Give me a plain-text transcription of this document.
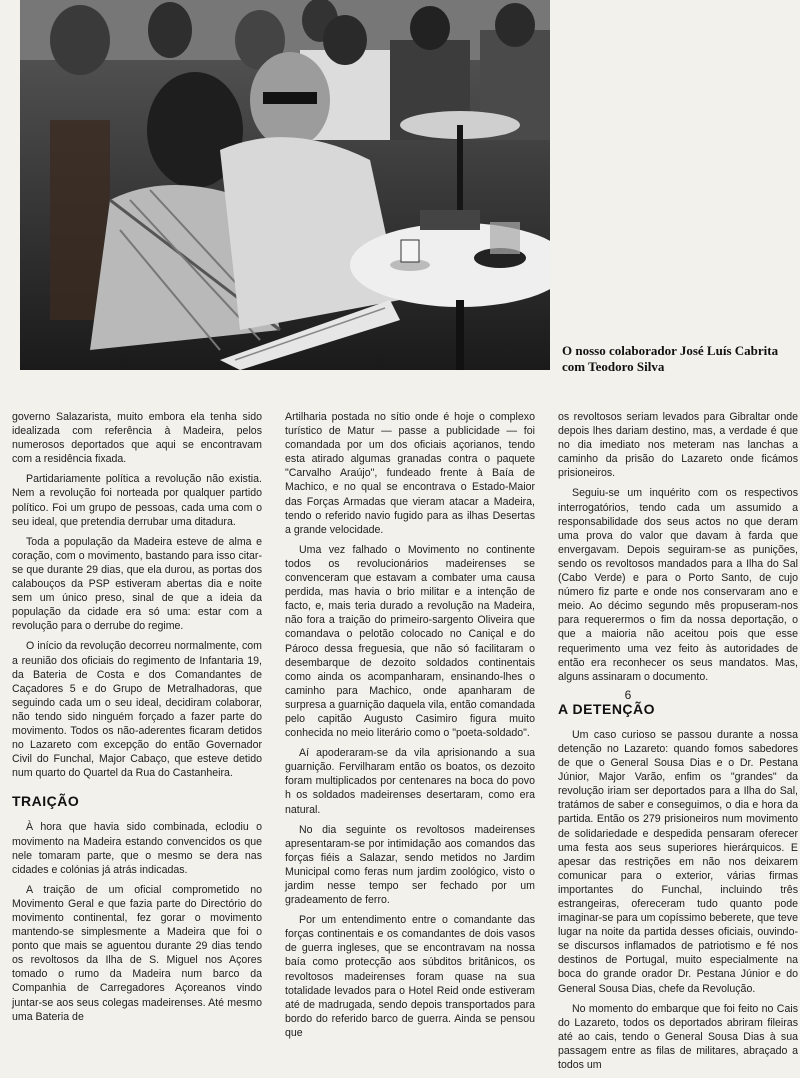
O nosso colaborador José Luís Cabrita com Teodoro Silva

governo Salazarista, muito embora ela tenha sido idealizada com referência à Madeira, pelos numerosos deportados que aqui se encontravam com a residência fixada.

Partidariamente política a revolução não existia. Nem a revolução foi norteada por qualquer partido político. Foi um grupo de pessoas, cada uma com o seu ideal, que pretendia derrubar uma ditadura.

Toda a população da Madeira esteve de alma e coração, com o movimento, bastando para isso citar-se que durante 29 dias, que ela durou, as portas dos calabouços da PSP estiveram abertas dia e noite sem um único preso, sinal de que a ideia da população da cidade era só uma: estar com a revolução para o derrube do regime.

O início da revolução decorreu normalmente, com a reunião dos oficiais do regimento de Infantaria 19, da Bateria de Costa e dos Comandantes de Caçadores 5 e do Grupo de Metralhadoras, que seguindo cada um o seu ideal, decidiram colaborar, não tendo sido ninguém forçado a fazer parte do movimento. Todos os não-aderentes ficaram detidos no Lazareto com excepção do então Governador Civil do Funchal, Major Cabaço, que esteve detido num quarto do Quartel da Rua do Castanheira.

TRAIÇÃO

À hora que havia sido combinada, eclodiu o movimento na Madeira estando convencidos os que nele tomaram parte, que o mesmo se dera nas cidades e colónias já atrás indicadas.

A traição de um oficial comprometido no Movimento Geral e que fazia parte do Directório do movimento continental, fez gorar o movimento mantendo-se simplesmente a Madeira que foi o ponto que mais se aguentou durante 29 dias tendo os revoltosos da Ilha de S. Miguel nos Açores tomado o rumo da Madeira num barco da Companhia de Carregadores Açoreanos vindo juntar-se aos seus colegas madeirenses. Até mesmo uma Bateria de

Artilharia postada no sítio onde é hoje o complexo turístico de Matur — passe a publicidade — foi comandada por um dos oficiais açorianos, tendo esta atirado algumas granadas contra o paquete "Carvalho Araújo", fundeado frente à Baía de Machico, e no qual se encontrava o Estado-Maior das Forças Armadas que vieram atacar a Madeira, tendo o referido navio fugido para as ilhas Desertas a grande velocidade.

Uma vez falhado o Movimento no continente todos os revolucionários madeirenses se convenceram que estavam a combater uma causa perdida, mas havia o brio militar e a intenção de facto, e, mais teria durado a revolução na Madeira, não fora a traição do primeiro-sargento Oliveira que comandava o pelotão colocado no Caniçal e do Pároco dessa freguesia, que não só facilitaram o desembarque de dezoito soldados continentais como ainda os acompanharam, ensinando-lhes o caminho para Machico, onde apanharam de surpresa a guarnição daquela vila, então comandada pelo capitão Augusto Casimiro figura muito conhecida no meio literário como o "poeta-soldado".

Aí apoderaram-se da vila aprisionando a sua guarnição. Fervilharam então os boatos, os dezoito foram multiplicados por centenares na boca do povo h os soldados madeirenses desertaram, como era natural.

No dia seguinte os revoltosos madeirenses apresentaram-se por intimidação aos comandos das forças fiéis a Salazar, sendo metidos no Jardim Municipal como feras num jardim zoológico, visto o jardim nesse tempo ser fechado por um gradeamento de ferro.

Por um entendimento entre o comandante das forças continentais e os comandantes de dois vasos de guerra ingleses, que se encontravam na nossa baía como protecção aos súbditos britânicos, os revoltosos madeirenses foram quase na sua totalidade levados para o Hotel Reid onde estiveram até de madrugada, sendo depois transportados para bordo do referido barco de guerra. Ainda se pensou que

os revoltosos seriam levados para Gibraltar onde depois lhes dariam destino, mas, a verdade é que no dia imediato nos meteram nas lanchas a caminho da prisão do Lazareto onde ficámos prisioneiros.

Seguiu-se um inquérito com os respectivos interrogatórios, tendo cada um assumido a responsabilidade dos seus actos no que deram uma prova do valor que davam à farda que envergavam. Depois seguiram-se as punições, sendo os revoltosos mandados para a Ilha do Sal (Cabo Verde) e para o Porto Santo, de cujo número fiz parte e onde nos conservaram ano e meio. Ao décimo segundo mês propuseram-nos para requerermos o fim da nossa deportação, o que a maioria não aceitou pois que esse requerimento uma vez feito às autoridades de então era reconhecer os seus mandatos. Mas, alguns assinaram o documento.

6
A DETENÇÃO

Um caso curioso se passou durante a nossa detenção no Lazareto: quando fomos sabedores de que o General Sousa Dias e o Dr. Pestana Júnior, Major Varão, enfim os "grandes" da revolução iriam ser deportados para a Ilha do Sal, tratámos de saber e conseguimos, o dia e hora da partida. Então os 279 prisioneiros num movimento de solidariedade e despedida pensaram oferecer uma festa aos seus superiores hierárquicos. E apesar das restrições em não nos deixarem comunicar para o exterior, várias firmas importantes do Funchal, incluindo três estrangeiras, ofereceram tudo quanto pode imaginar-se para um copíssimo beberete, que teve lugar na noite da partida desses oficiais, ouvindo-se discursos inflamados de patriotismo e fé nos destinos de Portugal, muito especialmente na boca do grande orador Dr. Pestana Júnior e do General Sousa Dias, chefe da Revolução.

No momento do embarque que foi feito no Cais do Lazareto, todos os deportados abriram fileiras até ao cais, tendo o General Sousa Dias à sua passagem entre as filas de militares, abraçado a todos um
